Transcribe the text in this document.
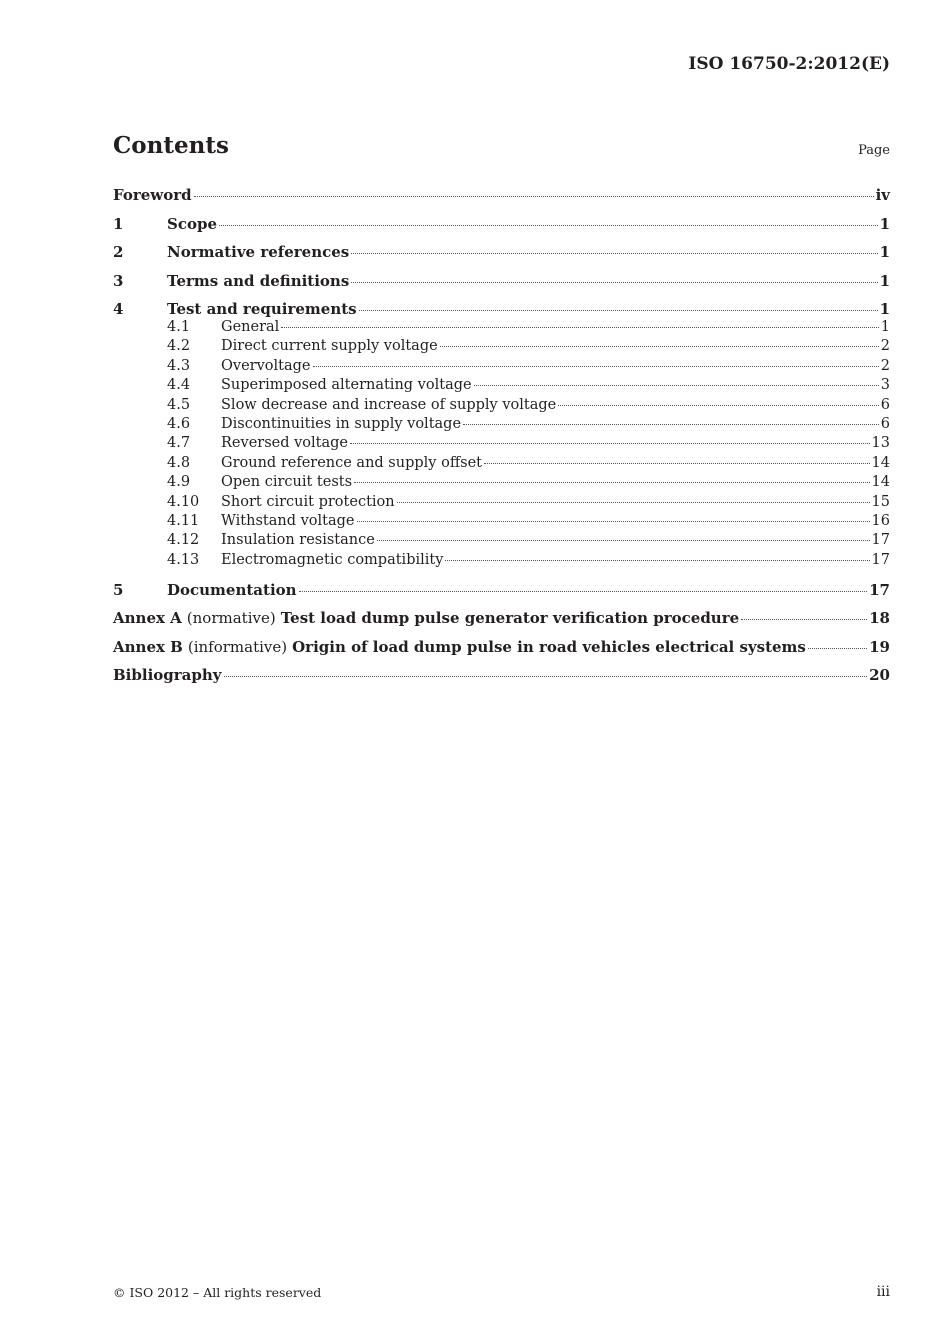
ISO 16750-2:2012(E)
Contents	Page
Foreword	iv
1	Scope	1
2	Normative references	1
3	Terms and definitions	1
4	Test and requirements	1
4.1	General	1
4.2	Direct current supply voltage	2
4.3	Overvoltage	2
4.4	Superimposed alternating voltage	3
4.5	Slow decrease and increase of supply voltage	6
4.6	Discontinuities in supply voltage	6
4.7	Reversed voltage	13
4.8	Ground reference and supply offset	14
4.9	Open circuit tests	14
4.10	Short circuit protection	15
4.11	Withstand voltage	16
4.12	Insulation resistance	17
4.13	Electromagnetic compatibility	17
5	Documentation	17
Annex A (normative) Test load dump pulse generator verification procedure	18
Annex B (informative) Origin of load dump pulse in road vehicles electrical systems	19
Bibliography	20
© ISO 2012 – All rights reserved	iii
